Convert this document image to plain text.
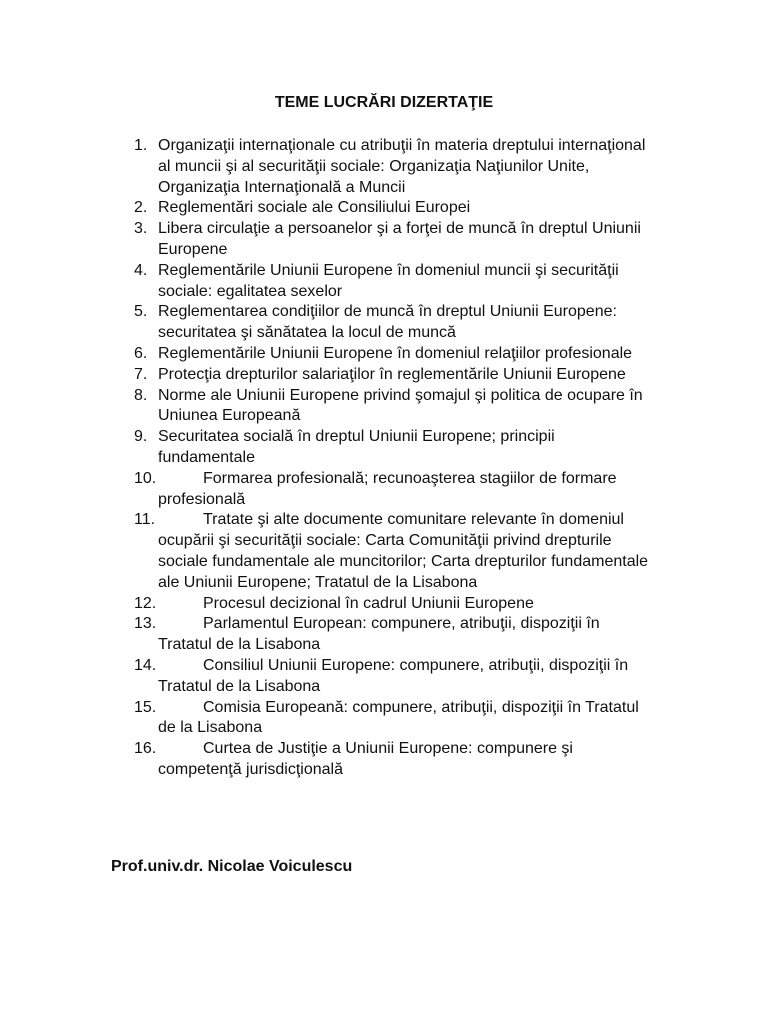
TEME LUCRĂRI DIZERTAŢIE
1. Organizaţii internaţionale cu atribuţii în materia dreptului internaţional al muncii şi al securităţii sociale: Organizaţia Naţiunilor Unite, Organizaţia Internaţională a Muncii
2. Reglementări sociale ale Consiliului Europei
3. Libera circulaţie a persoanelor şi a forţei de muncă în dreptul Uniunii Europene
4. Reglementările Uniunii Europene în domeniul muncii şi securităţii sociale: egalitatea sexelor
5. Reglementarea condiţiilor de muncă în dreptul Uniunii Europene: securitatea şi sănătatea la locul de muncă
6. Reglementările Uniunii Europene în domeniul relaţiilor profesionale
7. Protecţia drepturilor salariaţilor în reglementările Uniunii Europene
8. Norme ale Uniunii Europene privind şomajul şi politica de ocupare în Uniunea Europeană
9. Securitatea socială în dreptul Uniunii Europene; principii fundamentale
10.	Formarea profesională; recunoaşterea stagiilor de formare profesională
11.	Tratate şi alte documente comunitare relevante în domeniul ocupării şi securităţii sociale: Carta Comunităţii privind drepturile sociale fundamentale ale muncitorilor; Carta drepturilor fundamentale ale Uniunii Europene; Tratatul de la Lisabona
12.	Procesul decizional în cadrul Uniunii Europene
13.	Parlamentul European: compunere, atribuţii, dispoziţii în Tratatul de la Lisabona
14.	Consiliul Uniunii Europene: compunere, atribuţii, dispoziţii în Tratatul de la Lisabona
15.	Comisia Europeană: compunere, atribuţii, dispoziţii în Tratatul de la Lisabona
16.	Curtea de Justiţie a Uniunii Europene: compunere şi competenţă jurisdicţională

Prof.univ.dr. Nicolae Voiculescu
